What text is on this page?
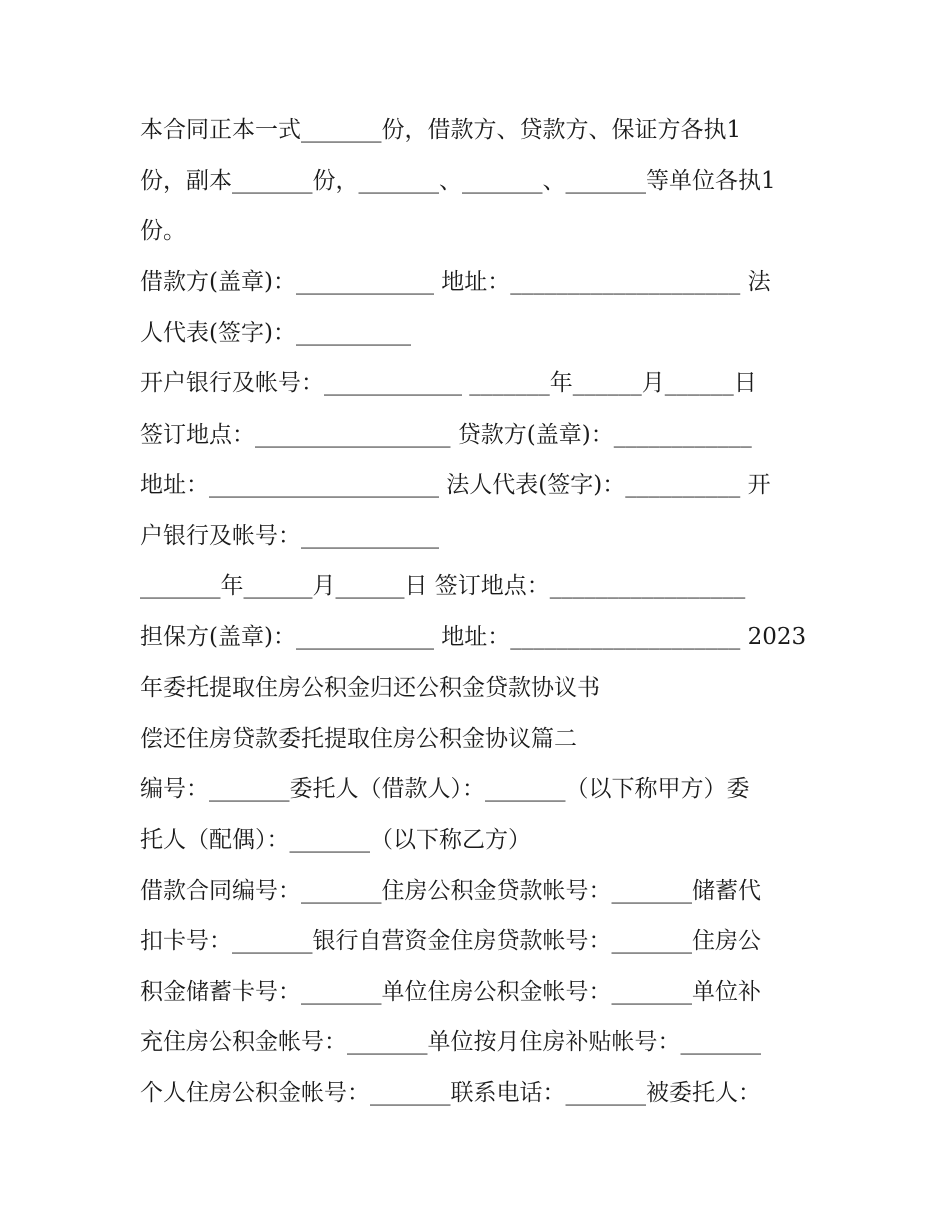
本合同正本一式_______份，借款方、贷款方、保证方各执1
份，副本_______份，_______、_______、_______等单位各执1
份。
借款方(盖章)：____________ 地址：____________________ 法
人代表(签字)：__________
开户银行及帐号：____________ _______年______月______日
签订地点：_________________ 贷款方(盖章)：____________
地址：____________________ 法人代表(签字)：__________ 开
户银行及帐号：____________
_______年______月______日 签订地点：_________________
担保方(盖章)：____________ 地址：____________________ 2023
年委托提取住房公积金归还公积金贷款协议书
偿还住房贷款委托提取住房公积金协议篇二
编号：_______委托人（借款人）：_______（以下称甲方）委
托人（配偶）：_______（以下称乙方）
借款合同编号：_______住房公积金贷款帐号：_______储蓄代
扣卡号：_______银行自营资金住房贷款帐号：_______住房公
积金储蓄卡号：_______单位住房公积金帐号：_______单位补
充住房公积金帐号：_______单位按月住房补贴帐号：_______
个人住房公积金帐号：_______联系电话：_______被委托人：
